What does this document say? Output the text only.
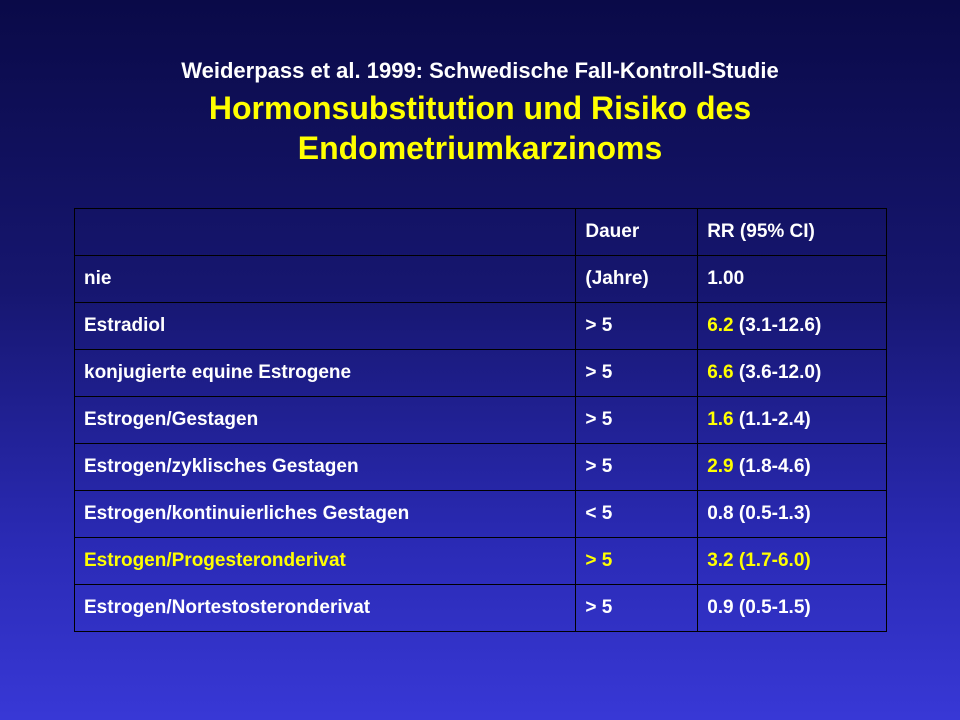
Weiderpass et al. 1999: Schwedische Fall-Kontroll-Studie
Hormonsubstitution und Risiko des
Endometriumkarzinoms
	Dauer	RR (95% CI)
nie	(Jahre)	1.00
Estradiol	> 5	6.2 (3.1-12.6)
konjugierte equine Estrogene	> 5	6.6 (3.6-12.0)
Estrogen/Gestagen	> 5	1.6 (1.1-2.4)
Estrogen/zyklisches Gestagen	> 5	2.9 (1.8-4.6)
Estrogen/kontinuierliches Gestagen	< 5	0.8 (0.5-1.3)
Estrogen/Progesteronderivat	> 5	3.2 (1.7-6.0)
Estrogen/Nortestosteronderivat	> 5	0.9 (0.5-1.5)
